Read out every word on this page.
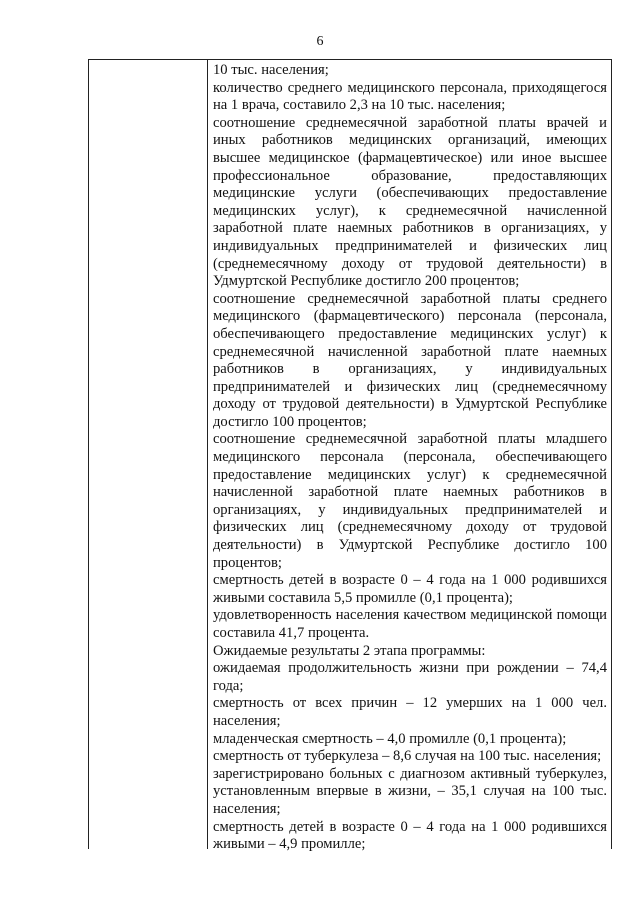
6
10 тыс. населения;
количество среднего медицинского персонала, приходящегося на 1 врача, составило 2,3 на 10 тыс. населения;
соотношение среднемесячной заработной платы врачей и иных работников медицинских организаций, имеющих высшее медицинское (фармацевтическое) или иное высшее профессиональное образование, предоставляющих медицинские услуги (обеспечивающих предоставление медицинских услуг), к среднемесячной начисленной заработной плате наемных работников в организациях, у индивидуальных предпринимателей и физических лиц (среднемесячному доходу от трудовой деятельности) в Удмуртской Республике достигло 200 процентов;
соотношение среднемесячной заработной платы среднего медицинского (фармацевтического) персонала (персонала, обеспечивающего предоставление медицинских услуг) к среднемесячной начисленной заработной плате наемных работников в организациях, у индивидуальных предпринимателей и физических лиц (среднемесячному доходу от трудовой деятельности) в Удмуртской Республике достигло 100 процентов;
соотношение среднемесячной заработной платы младшего медицинского персонала (персонала, обеспечивающего предоставление медицинских услуг) к среднемесячной начисленной заработной плате наемных работников в организациях, у индивидуальных предпринимателей и физических лиц (среднемесячному доходу от трудовой деятельности) в Удмуртской Республике достигло 100 процентов;
смертность детей в возрасте 0 – 4 года на 1 000 родившихся живыми составила 5,5 промилле (0,1 процента);
удовлетворенность населения качеством медицинской помощи составила 41,7 процента.
Ожидаемые результаты 2 этапа программы:
ожидаемая продолжительность жизни при рождении – 74,4 года;
смертность от всех причин – 12 умерших на 1 000 чел. населения;
младенческая смертность – 4,0 промилле (0,1 процента);
смертность от туберкулеза – 8,6 случая на 100 тыс. населения;
зарегистрировано больных с диагнозом активный туберкулез, установленным впервые в жизни, – 35,1 случая на 100 тыс. населения;
смертность детей в возрасте 0 – 4 года на 1 000 родившихся живыми – 4,9 промилле;
